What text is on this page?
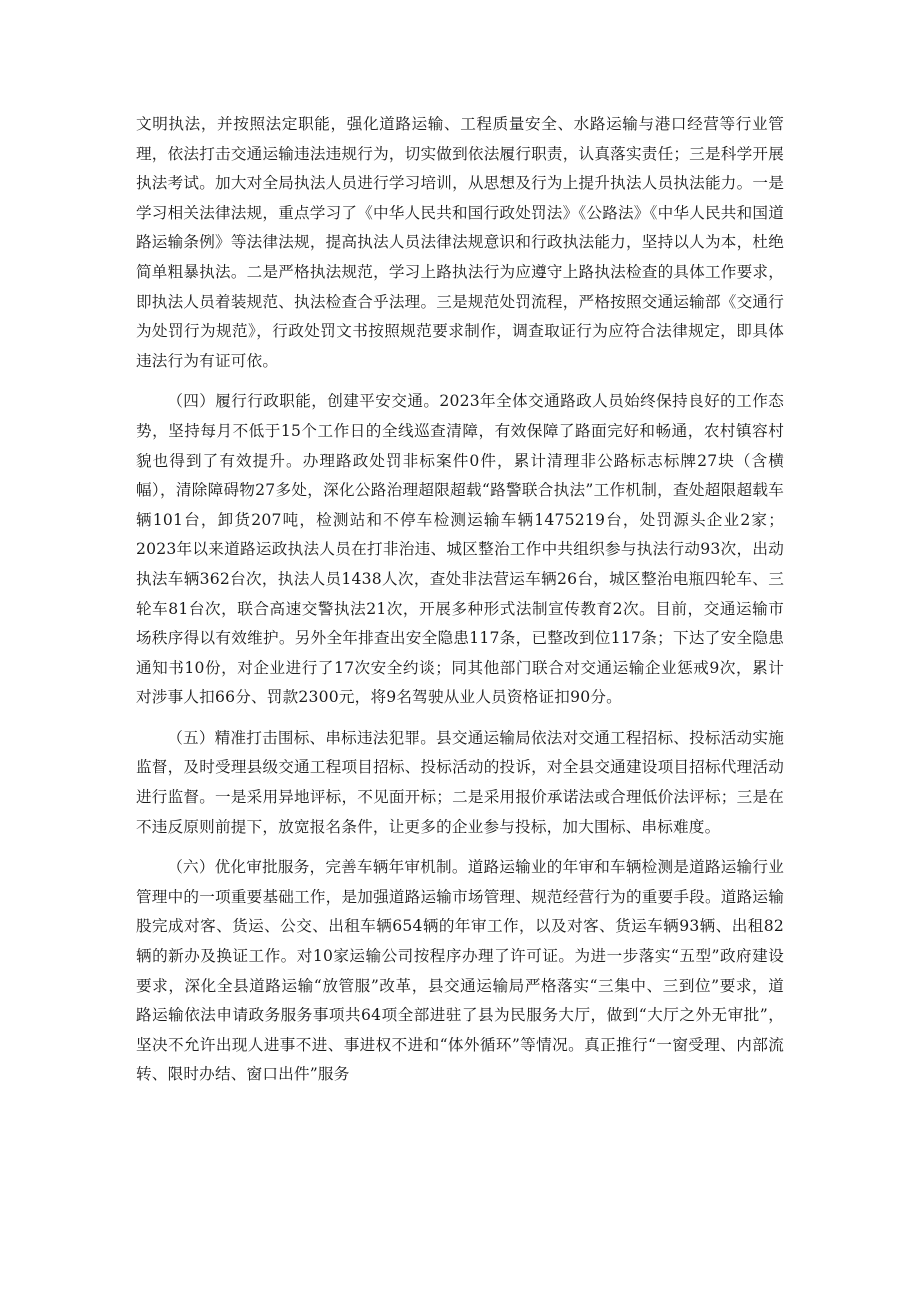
文明执法，并按照法定职能，强化道路运输、工程质量安全、水路运输与港口经营等行业管理，依法打击交通运输违法违规行为，切实做到依法履行职责，认真落实责任；三是科学开展执法考试。加大对全局执法人员进行学习培训，从思想及行为上提升执法人员执法能力。一是学习相关法律法规，重点学习了《中华人民共和国行政处罚法》《公路法》《中华人民共和国道路运输条例》等法律法规，提高执法人员法律法规意识和行政执法能力，坚持以人为本，杜绝简单粗暴执法。二是严格执法规范，学习上路执法行为应遵守上路执法检查的具体工作要求，即执法人员着装规范、执法检查合乎法理。三是规范处罚流程，严格按照交通运输部《交通行为处罚行为规范》，行政处罚文书按照规范要求制作，调查取证行为应符合法律规定，即具体违法行为有证可依。

（四）履行行政职能，创建平安交通。2023年全体交通路政人员始终保持良好的工作态势，坚持每月不低于15个工作日的全线巡查清障，有效保障了路面完好和畅通，农村镇容村貌也得到了有效提升。办理路政处罚非标案件0件，累计清理非公路标志标牌27块（含横幅），清除障碍物27多处，深化公路治理超限超载“路警联合执法”工作机制，查处超限超载车辆101台，卸货207吨，检测站和不停车检测运输车辆1475219台，处罚源头企业2家；2023年以来道路运政执法人员在打非治违、城区整治工作中共组织参与执法行动93次，出动执法车辆362台次，执法人员1438人次，查处非法营运车辆26台，城区整治电瓶四轮车、三轮车81台次，联合高速交警执法21次，开展多种形式法制宣传教育2次。目前，交通运输市场秩序得以有效维护。另外全年排查出安全隐患117条，已整改到位117条；下达了安全隐患通知书10份，对企业进行了17次安全约谈；同其他部门联合对交通运输企业惩戒9次，累计对涉事人扣66分、罚款2300元，将9名驾驶从业人员资格证扣90分。

（五）精准打击围标、串标违法犯罪。县交通运输局依法对交通工程招标、投标活动实施监督，及时受理县级交通工程项目招标、投标活动的投诉，对全县交通建设项目招标代理活动进行监督。一是采用异地评标，不见面开标；二是采用报价承诺法或合理低价法评标；三是在不违反原则前提下，放宽报名条件，让更多的企业参与投标，加大围标、串标难度。

（六）优化审批服务，完善车辆年审机制。道路运输业的年审和车辆检测是道路运输行业管理中的一项重要基础工作，是加强道路运输市场管理、规范经营行为的重要手段。道路运输股完成对客、货运、公交、出租车辆654辆的年审工作，以及对客、货运车辆93辆、出租82辆的新办及换证工作。对10家运输公司按程序办理了许可证。为进一步落实“五型”政府建设要求，深化全县道路运输“放管服”改革，县交通运输局严格落实“三集中、三到位”要求，道路运输依法申请政务服务事项共64项全部进驻了县为民服务大厅，做到“大厅之外无审批”，坚决不允许出现人进事不进、事进权不进和“体外循环”等情况。真正推行“一窗受理、内部流转、限时办结、窗口出件”服务
